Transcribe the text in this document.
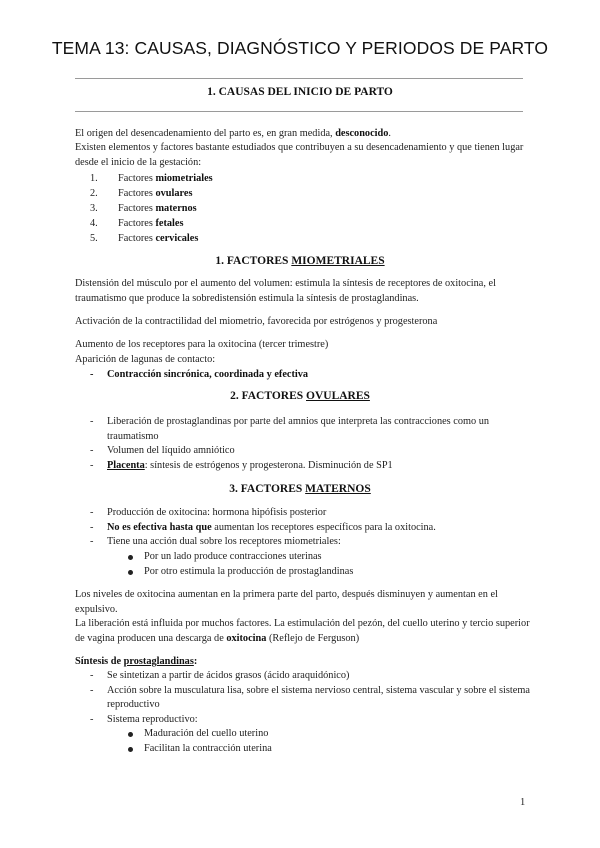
TEMA 13: CAUSAS, DIAGNÓSTICO Y PERIODOS DE PARTO
1. CAUSAS DEL INICIO DE PARTO
El origen del desencadenamiento del parto es, en gran medida, desconocido.
Existen elementos y factores bastante estudiados que contribuyen a su desencadenamiento y que tienen lugar desde el inicio de la gestación:
1. Factores miometriales
2. Factores ovulares
3. Factores maternos
4. Factores fetales
5. Factores cervicales
1. FACTORES MIOMETRIALES
Distensión del músculo por el aumento del volumen: estimula la síntesis de receptores de oxitocina, el traumatismo que produce la sobredistensión estimula la síntesis de prostaglandinas.
Activación de la contractilidad del miometrio, favorecida por estrógenos y progesterona
Aumento de los receptores para la oxitocina (tercer trimestre)
Aparición de lagunas de contacto:
- Contracción sincrónica, coordinada y efectiva
2. FACTORES OVULARES
- Liberación de prostaglandinas por parte del amnios que interpreta las contracciones como un traumatismo
- Volumen del líquido amniótico
- Placenta: síntesis de estrógenos y progesterona. Disminución de SP1
3. FACTORES MATERNOS
- Producción de oxitocina: hormona hipófisis posterior
- No es efectiva hasta que aumentan los receptores específicos para la oxitocina.
- Tiene una acción dual sobre los receptores miometriales:
Por un lado produce contracciones uterinas
Por otro estimula la producción de prostaglandinas
Los niveles de oxitocina aumentan en la primera parte del parto, después disminuyen y aumentan en el expulsivo.
La liberación está influida por muchos factores. La estimulación del pezón, del cuello uterino y tercio superior de vagina producen una descarga de oxitocina (Reflejo de Ferguson)
Síntesis de prostaglandinas:
- Se sintetizan a partir de ácidos grasos (ácido araquidónico)
- Acción sobre la musculatura lisa, sobre el sistema nervioso central, sistema vascular y sobre el sistema reproductivo
- Sistema reproductivo:
Maduración del cuello uterino
Facilitan la contracción uterina
1
